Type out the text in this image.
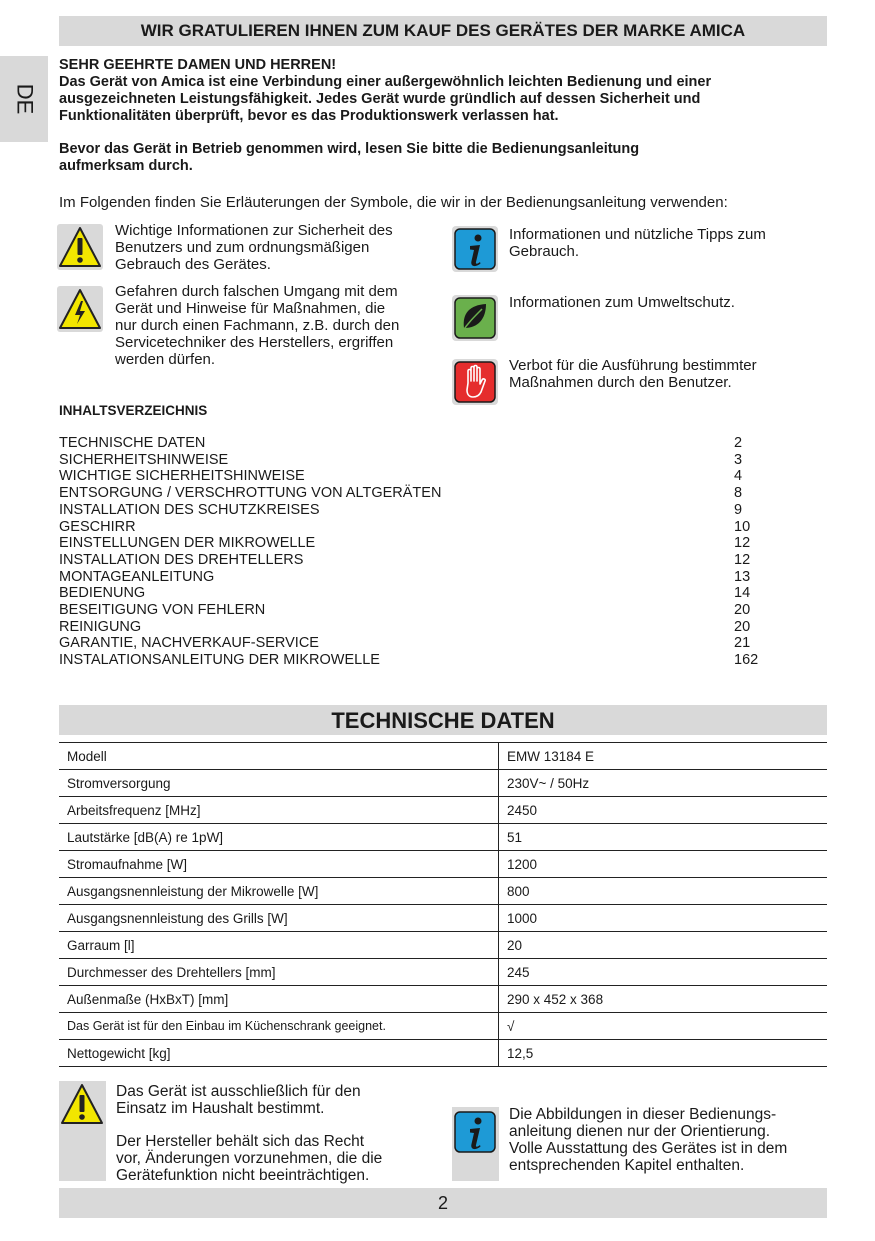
WIR GRATULIEREN IHNEN ZUM KAUF DES GERÄTES DER MARKE AMICA
DE
SEHR GEEHRTE DAMEN UND HERREN!
Das Gerät von Amica ist eine Verbindung einer außergewöhnlich leichten Bedienung und einer
ausgezeichneten Leistungsfähigkeit. Jedes Gerät wurde gründlich auf dessen Sicherheit und
Funktionalitäten überprüft, bevor es das Produktionswerk verlassen hat.
Bevor das Gerät in Betrieb genommen wird, lesen Sie bitte die Bedienungsanleitung
aufmerksam durch.
Im Folgenden finden Sie Erläuterungen der Symbole, die wir in der Bedienungsanleitung verwenden:
Wichtige Informationen zur Sicherheit des
Benutzers und zum ordnungsmäßigen
Gebrauch des Gerätes.
Gefahren durch falschen Umgang mit dem
Gerät und Hinweise für Maßnahmen, die
nur durch einen Fachmann, z.B. durch den
Servicetechniker des Herstellers, ergriffen
werden dürfen.
Informationen und nützliche Tipps zum
Gebrauch.
Informationen zum Umweltschutz.
Verbot für die Ausführung bestimmter
Maßnahmen durch den Benutzer.
INHALTSVERZEICHNIS
TECHNISCHE DATEN	2
SICHERHEITSHINWEISE	3
WICHTIGE SICHERHEITSHINWEISE	4
ENTSORGUNG / VERSCHROTTUNG VON ALTGERÄTEN	8
INSTALLATION DES SCHUTZKREISES	9
GESCHIRR	10
EINSTELLUNGEN DER MIKROWELLE	12
INSTALLATION DES DREHTELLERS	12
MONTAGEANLEITUNG	13
BEDIENUNG	14
BESEITIGUNG VON FEHLERN	20
REINIGUNG	20
GARANTIE, NACHVERKAUF-SERVICE	21
INSTALATIONSANLEITUNG DER MIKROWELLE	162
TECHNISCHE DATEN
Modell	EMW 13184 E
Stromversorgung	230V~ / 50Hz
Arbeitsfrequenz [MHz]	2450
Lautstärke [dB(A) re 1pW]	51
Stromaufnahme [W]	1200
Ausgangsnennleistung der Mikrowelle [W]	800
Ausgangsnennleistung des Grills [W]	1000
Garraum [l]	20
Durchmesser des Drehtellers [mm]	245
Außenmaße (HxBxT) [mm]	290 x 452 x 368
Das Gerät ist für den Einbau im Küchenschrank geeignet.	√
Nettogewicht [kg]	12,5
Das Gerät ist ausschließlich für den
Einsatz im Haushalt bestimmt.
Der Hersteller behält sich das Recht
vor, Änderungen vorzunehmen, die die
Gerätefunktion nicht beeinträchtigen.
Die Abbildungen in dieser Bedienungs-
anleitung dienen nur der Orientierung.
Volle Ausstattung des Gerätes ist in dem
entsprechenden Kapitel enthalten.
2
